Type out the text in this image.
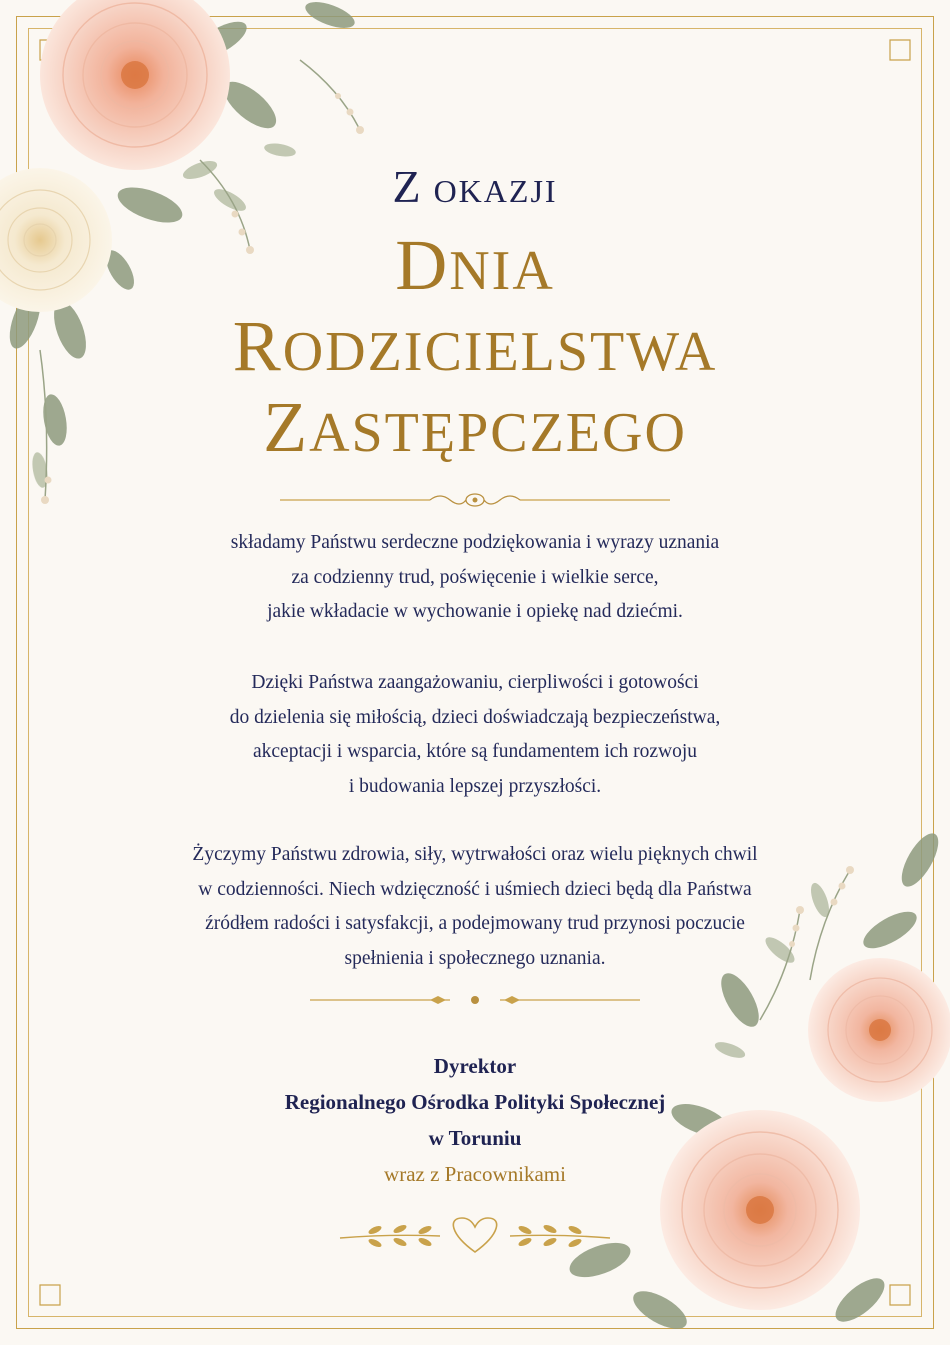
Z OKAZJI
DNIA
RODZICIELSTWA
ZASTĘPCZEGO
składamy Państwu serdeczne podziękowania i wyrazy uznania
za codzienny trud, poświęcenie i wielkie serce,
jakie wkładacie w wychowanie i opiekę nad dziećmi.
Dzięki Państwa zaangażowaniu, cierpliwości i gotowości
do dzielenia się miłością, dzieci doświadczają bezpieczeństwa,
akceptacji i wsparcia, które są fundamentem ich rozwoju
i budowania lepszej przyszłości.
Życzymy Państwu zdrowia, siły, wytrwałości oraz wielu pięknych chwil
w codzienności. Niech wdzięczność i uśmiech dzieci będą dla Państwa
źródłem radości i satysfakcji, a podejmowany trud przynosi poczucie
spełnienia i społecznego uznania.
Dyrektor
Regionalnego Ośrodka Polityki Społecznej
w Toruniu
wraz z Pracownikami
